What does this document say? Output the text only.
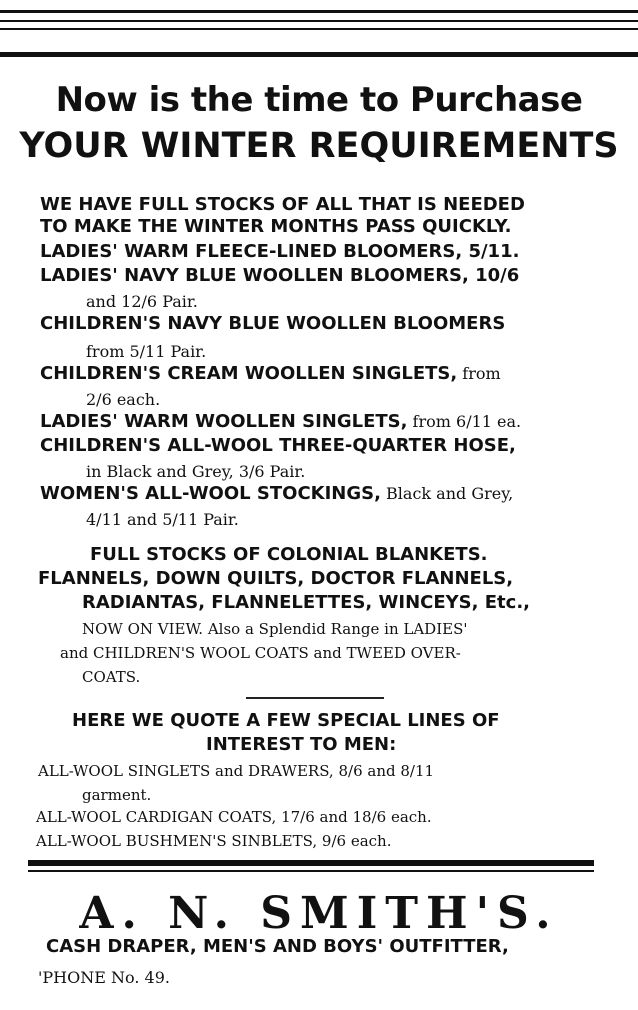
Now is the time to Purchase
YOUR WINTER REQUIREMENTS
WE HAVE FULL STOCKS OF ALL THAT IS NEEDED
TO MAKE THE WINTER MONTHS PASS QUICKLY.
LADIES' WARM FLEECE-LINED BLOOMERS, 5/11.
LADIES' NAVY BLUE WOOLLEN BLOOMERS, 10/6
and 12/6 Pair.
CHILDREN'S NAVY BLUE WOOLLEN BLOOMERS
from 5/11 Pair.
CHILDREN'S CREAM WOOLLEN SINGLETS, from
2/6 each.
LADIES' WARM WOOLLEN SINGLETS, from 6/11 ea.
CHILDREN'S ALL-WOOL THREE-QUARTER HOSE,
in Black and Grey, 3/6 Pair.
WOMEN'S ALL-WOOL STOCKINGS, Black and Grey,
4/11 and 5/11 Pair.
FULL STOCKS OF COLONIAL BLANKETS.
FLANNELS, DOWN QUILTS, DOCTOR FLANNELS,
RADIANTAS, FLANNELETTES, WINCEYS, Etc.,
NOW ON VIEW. Also a Splendid Range in LADIES'
and CHILDREN'S WOOL COATS and TWEED OVER-
COATS.
HERE WE QUOTE A FEW SPECIAL LINES OF
INTEREST TO MEN:
ALL-WOOL SINGLETS and DRAWERS, 8/6 and 8/11
garment.
ALL-WOOL CARDIGAN COATS, 17/6 and 18/6 each.
ALL-WOOL BUSHMEN'S SINBLETS, 9/6 each.
A. N. SMITH'S.
CASH DRAPER, MEN'S AND BOYS' OUTFITTER,
'PHONE No. 49.
